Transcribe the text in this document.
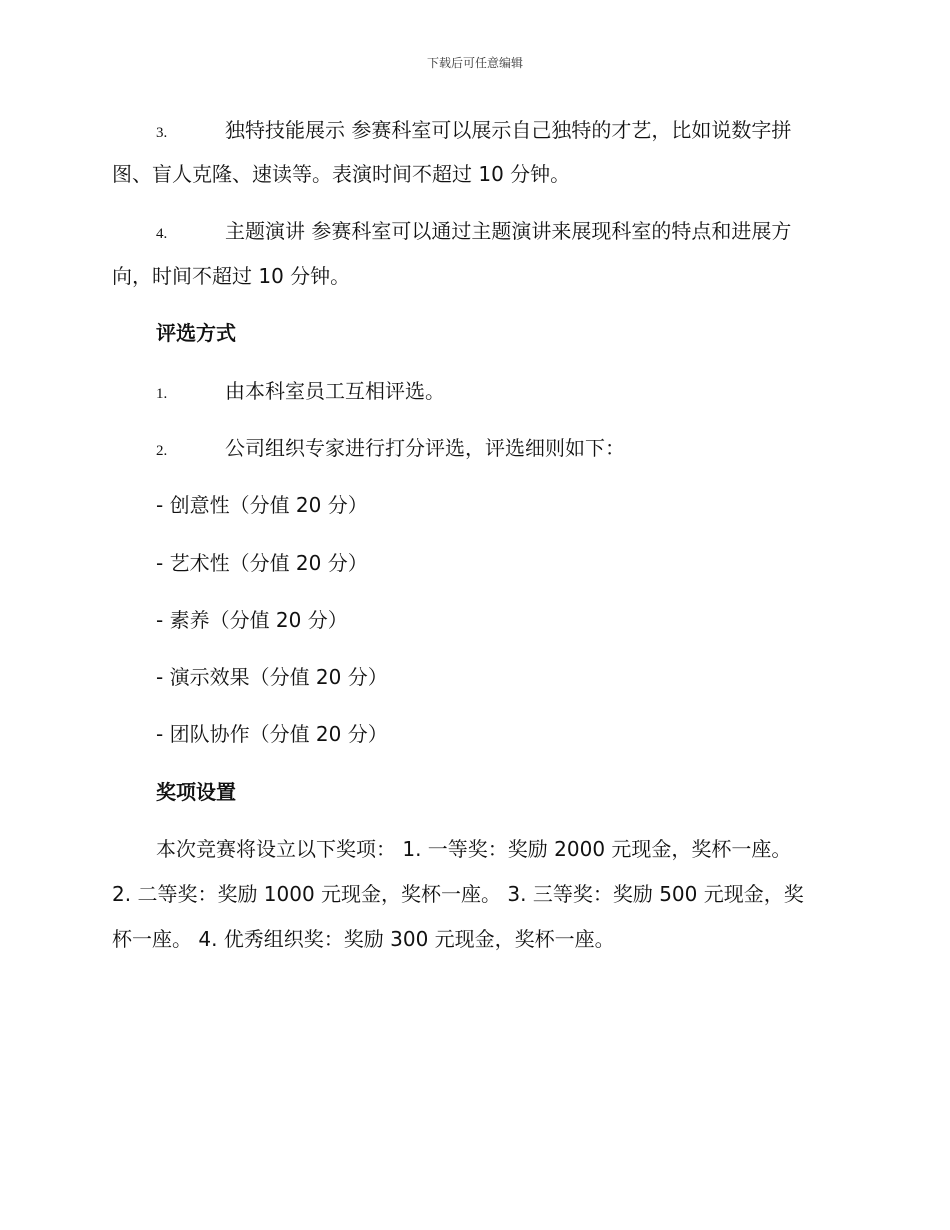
下载后可任意编辑
3.	独特技能展示 参赛科室可以展示自己独特的才艺，比如说数字拼
图、盲人克隆、速读等。表演时间不超过 10 分钟。
4.	主题演讲 参赛科室可以通过主题演讲来展现科室的特点和进展方
向，时间不超过 10 分钟。
评选方式
1.	由本科室员工互相评选。
2.	公司组织专家进行打分评选，评选细则如下：
- 创意性（分值 20 分）
- 艺术性（分值 20 分）
- 素养（分值 20 分）
- 演示效果（分值 20 分）
- 团队协作（分值 20 分）
奖项设置
本次竞赛将设立以下奖项： 1. 一等奖：奖励 2000 元现金，奖杯一座。
2. 二等奖：奖励 1000 元现金，奖杯一座。 3. 三等奖：奖励 500 元现金，奖
杯一座。 4. 优秀组织奖：奖励 300 元现金，奖杯一座。
